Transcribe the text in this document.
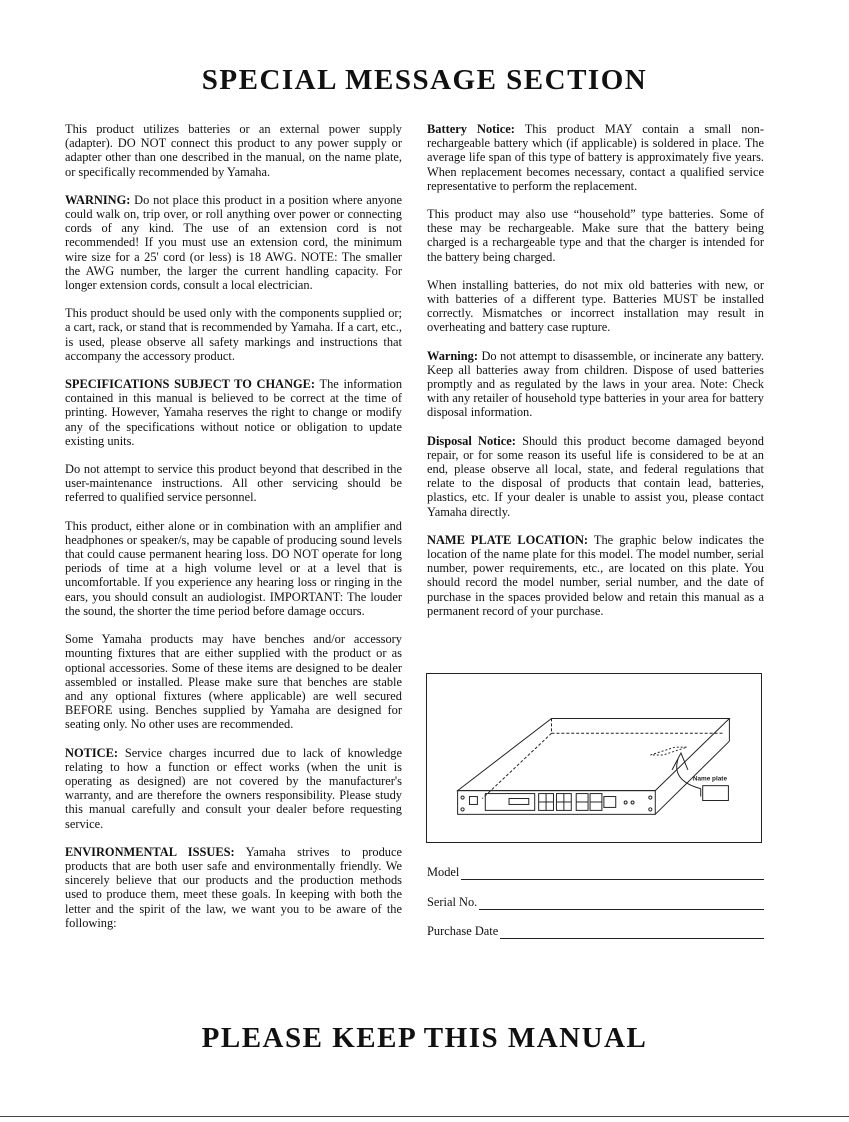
SPECIAL MESSAGE SECTION

This product utilizes batteries or an external power supply (adapter). DO NOT connect this product to any power supply or adapter other than one described in the manual, on the name plate, or specifically recommended by Yamaha.

WARNING: Do not place this product in a position where anyone could walk on, trip over, or roll anything over power or connecting cords of any kind. The use of an extension cord is not recommended! If you must use an extension cord, the minimum wire size for a 25' cord (or less) is 18 AWG. NOTE: The smaller the AWG number, the larger the current handling capacity. For longer extension cords, consult a local electrician.

This product should be used only with the components supplied or; a cart, rack, or stand that is recommended by Yamaha. If a cart, etc., is used, please observe all safety markings and instructions that accompany the accessory product.

SPECIFICATIONS SUBJECT TO CHANGE: The information contained in this manual is believed to be correct at the time of printing. However, Yamaha reserves the right to change or modify any of the specifications without notice or obligation to update existing units.

Do not attempt to service this product beyond that described in the user-maintenance instructions. All other servicing should be referred to qualified service personnel.

This product, either alone or in combination with an amplifier and headphones or speaker/s, may be capable of producing sound levels that could cause permanent hearing loss. DO NOT operate for long periods of time at a high volume level or at a level that is uncomfortable. If you experience any hearing loss or ringing in the ears, you should consult an audiologist. IMPORTANT: The louder the sound, the shorter the time period before damage occurs.

Some Yamaha products may have benches and/or accessory mounting fixtures that are either supplied with the product or as optional accessories. Some of these items are designed to be dealer assembled or installed. Please make sure that benches are stable and any optional fixtures (where applicable) are well secured BEFORE using. Benches supplied by Yamaha are designed for seating only. No other uses are recommended.

NOTICE: Service charges incurred due to lack of knowledge relating to how a function or effect works (when the unit is operating as designed) are not covered by the manufacturer's warranty, and are therefore the owners responsibility. Please study this manual carefully and consult your dealer before requesting service.

ENVIRONMENTAL ISSUES: Yamaha strives to produce products that are both user safe and environmentally friendly. We sincerely believe that our products and the production methods used to produce them, meet these goals. In keeping with both the letter and the spirit of the law, we want you to be aware of the following:

Battery Notice: This product MAY contain a small non-rechargeable battery which (if applicable) is soldered in place. The average life span of this type of battery is approximately five years. When replacement becomes necessary, contact a qualified service representative to perform the replacement.

This product may also use “household” type batteries. Some of these may be rechargeable. Make sure that the battery being charged is a rechargeable type and that the charger is intended for the battery being charged.

When installing batteries, do not mix old batteries with new, or with batteries of a different type. Batteries MUST be installed correctly. Mismatches or incorrect installation may result in overheating and battery case rupture.

Warning: Do not attempt to disassemble, or incinerate any battery. Keep all batteries away from children. Dispose of used batteries promptly and as regulated by the laws in your area. Note: Check with any retailer of household type batteries in your area for battery disposal information.

Disposal Notice: Should this product become damaged beyond repair, or for some reason its useful life is considered to be at an end, please observe all local, state, and federal regulations that relate to the disposal of products that contain lead, batteries, plastics, etc. If your dealer is unable to assist you, please contact Yamaha directly.

NAME PLATE LOCATION: The graphic below indicates the location of the name plate for this model. The model number, serial number, power requirements, etc., are located on this plate. You should record the model number, serial number, and the date of purchase in the spaces provided below and retain this manual as a permanent record of your purchase.

Name plate
Model
Serial No.
Purchase Date
PLEASE KEEP THIS MANUAL
